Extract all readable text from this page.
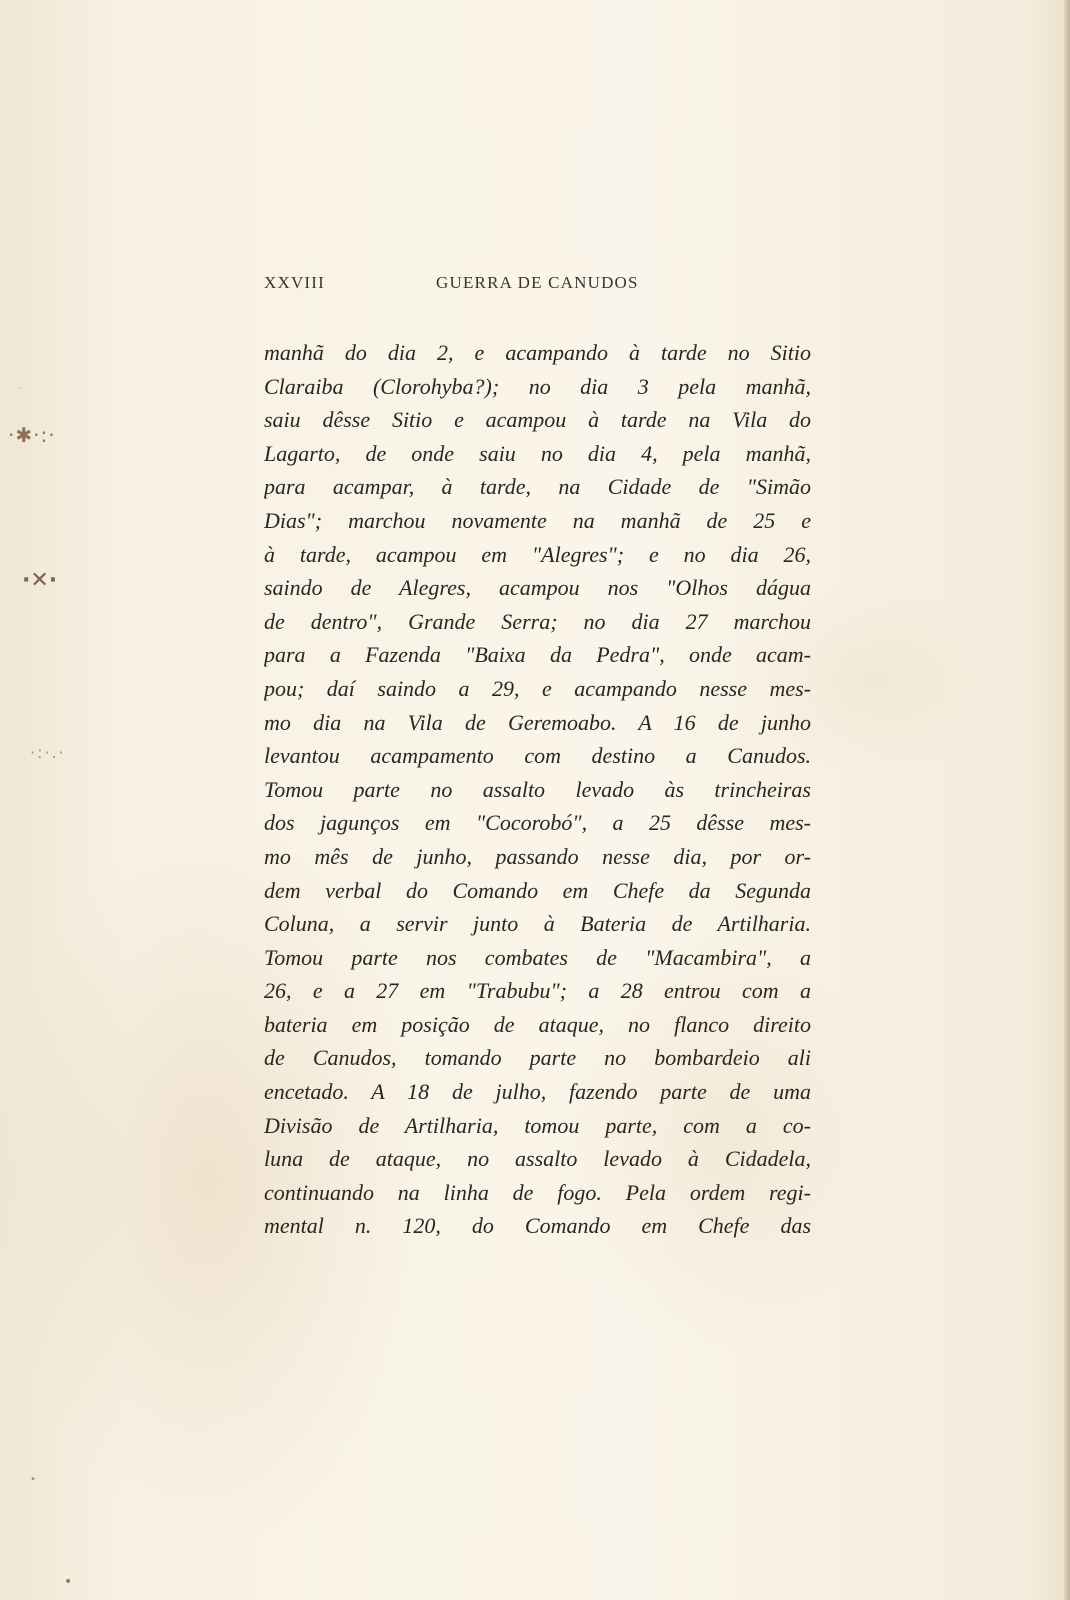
·
·✱·:·
·✕·
·:·.·
•
•
XXVIII	GUERRA DE CANUDOS
manhã do dia 2, e acampando à tarde no Sitio
Claraiba (Clorohyba?); no dia 3 pela manhã,
saiu dêsse Sitio e acampou à tarde na Vila do
Lagarto, de onde saiu no dia 4, pela manhã,
para acampar, à tarde, na Cidade de "Simão
Dias"; marchou novamente na manhã de 25 e
à tarde, acampou em "Alegres"; e no dia 26,
saindo de Alegres, acampou nos "Olhos dágua
de dentro", Grande Serra; no dia 27 marchou
para a Fazenda "Baixa da Pedra", onde acam-
pou; daí saindo a 29, e acampando nesse mes-
mo dia na Vila de Geremoabo. A 16 de junho
levantou acampamento com destino a Canudos.
Tomou parte no assalto levado às trincheiras
dos jagunços em "Cocorobó", a 25 dêsse mes-
mo mês de junho, passando nesse dia, por or-
dem verbal do Comando em Chefe da Segunda
Coluna, a servir junto à Bateria de Artilharia.
Tomou parte nos combates de "Macambira", a
26, e a 27 em "Trabubu"; a 28 entrou com a
bateria em posição de ataque, no flanco direito
de Canudos, tomando parte no bombardeio ali
encetado. A 18 de julho, fazendo parte de uma
Divisão de Artilharia, tomou parte, com a co-
luna de ataque, no assalto levado à Cidadela,
continuando na linha de fogo. Pela ordem regi-
mental n. 120, do Comando em Chefe das
